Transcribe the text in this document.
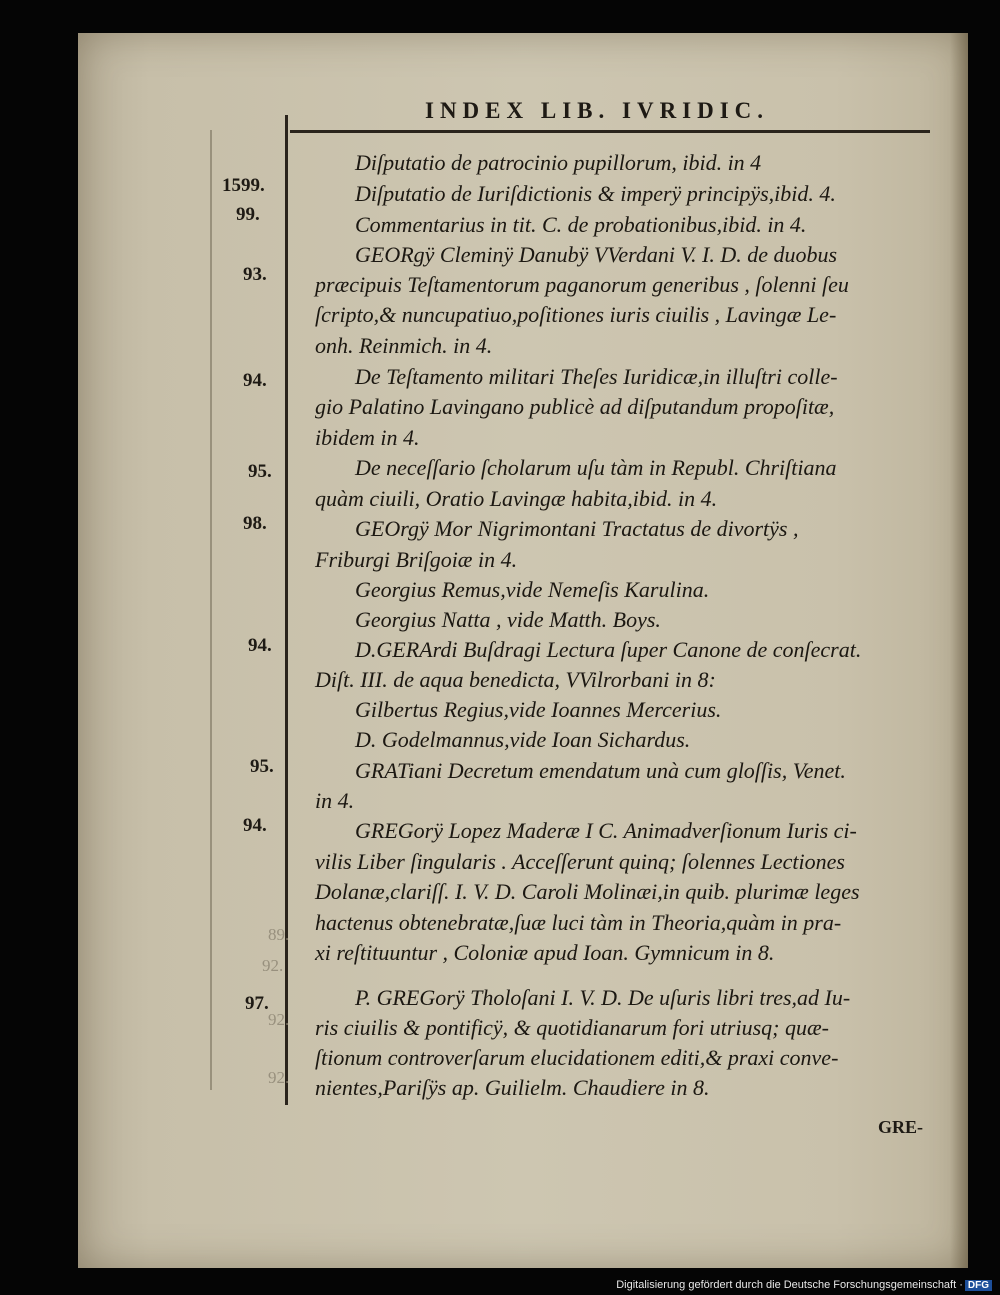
INDEX LIB. IVRIDIC.
1599.
99.
93.
94.
95.
98.
94.
95.
94.
97.
89.
92.
92.
92.
Diſputatio de patrocinio pupillorum, ibid. in 4
Diſputatio de Iuriſdictionis & imperÿ principÿs,ibid. 4.
Commentarius in tit. C. de probationibus,ibid. in 4.
GEORgÿ Cleminÿ Danubÿ VVerdani V. I. D. de duobus
præcipuis Teſtamentorum paganorum generibus , ſolenni ſeu
ſcripto,& nuncupatiuo,poſitiones iuris ciuilis , Lavingæ Le-
onh. Reinmich. in 4.
De Teſtamento militari Theſes Iuridicæ,in illuſtri colle-
gio Palatino Lavingano publicè ad diſputandum propoſitæ,
ibidem in 4.
De neceſſario ſcholarum uſu tàm in Republ. Chriſtiana
quàm ciuili, Oratio Lavingæ habita,ibid. in 4.
GEOrgÿ Mor Nigrimontani Tractatus de divortÿs ,
Friburgi Briſgoiæ in 4.
Georgius Remus,vide Nemeſis Karulina.
Georgius Natta , vide Matth. Boys.
D.GERArdi Buſdragi Lectura ſuper Canone de conſecrat.
Diſt. III. de aqua benedicta, VVilrorbani in 8:
Gilbertus Regius,vide Ioannes Mercerius.
D. Godelmannus,vide Ioan Sichardus.
GRATiani Decretum emendatum unà cum gloſſis, Venet.
in 4.
GREGorÿ Lopez Maderæ I C. Animadverſionum Iuris ci-
vilis Liber ſingularis . Acceſſerunt quinq; ſolennes Lectiones
Dolanæ,clariſſ. I. V. D. Caroli Molinæi,in quib. plurimæ leges
hactenus obtenebratæ,ſuæ luci tàm in Theoria,quàm in pra-
xi reſtituuntur , Coloniæ apud Ioan. Gymnicum in 8.
P. GREGorÿ Tholoſani I. V. D. De uſuris libri tres,ad Iu-
ris ciuilis & pontificÿ, & quotidianarum fori utriusq; quæ-
ſtionum controverſarum elucidationem editi,& praxi conve-
nientes,Pariſÿs ap. Guilielm. Chaudiere in 8.
GRE-
Digitalisierung gefördert durch die Deutsche Forschungsgemeinschaft · DFG
